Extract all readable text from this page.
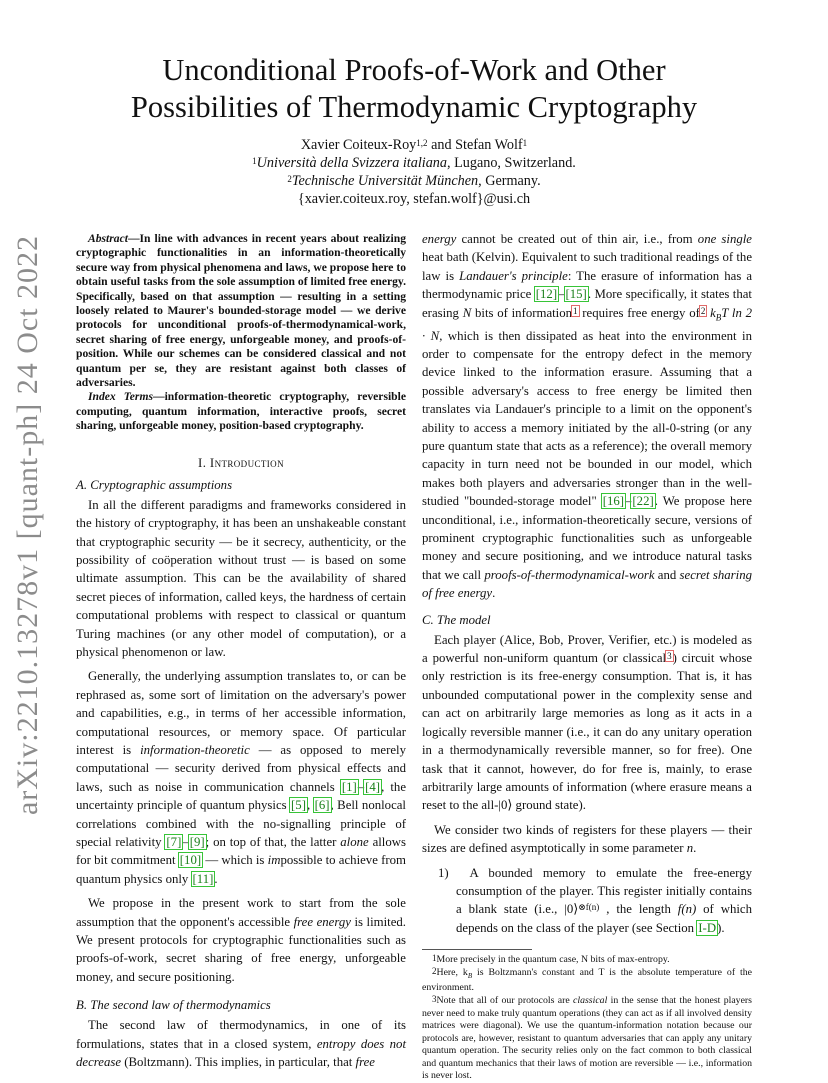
arXiv:2210.13278v1 [quant-ph] 24 Oct 2022
Unconditional Proofs-of-Work and Other
Possibilities of Thermodynamic Cryptography
Xavier Coiteux-Roy$^{1,2}$ and Stefan Wolf$^1$
$^1$Università della Svizzera italiana, Lugano, Switzerland.
$^2$Technische Universität München, Germany.
{xavier.coiteux.roy, stefan.wolf}@usi.ch

Abstract—In line with advances in recent years about realizing cryptographic functionalities in an information-theoretically secure way from physical phenomena and laws, we propose here to obtain useful tasks from the sole assumption of limited free energy. Specifically, based on that assumption — resulting in a setting loosely related to Maurer's bounded-storage model — we derive protocols for unconditional proofs-of-thermodynamical-work, secret sharing of free energy, unforgeable money, and proofs-of-position. While our schemes can be considered classical and not quantum per se, they are resistant against both classes of adversaries.

Index Terms—information-theoretic cryptography, reversible computing, quantum information, interactive proofs, secret sharing, unforgeable money, position-based cryptography.

I. Introduction
A. Cryptographic assumptions

In all the different paradigms and frameworks considered in the history of cryptography, it has been an unshakeable constant that cryptographic security — be it secrecy, authenticity, or the possibility of coöperation without trust — is based on some ultimate assumption. This can be the availability of shared secret pieces of information, called keys, the hardness of certain computational problems with respect to classical or quantum Turing machines (or any other model of computation), or a physical phenomenon or law.

Generally, the underlying assumption translates to, or can be rephrased as, some sort of limitation on the adversary's power and capabilities, e.g., in terms of her accessible information, computational resources, or memory space. Of particular interest is information-theoretic — as opposed to merely computational — security derived from physical effects and laws, such as noise in communication channels [1]–[4], the uncertainty principle of quantum physics [5], [6], Bell nonlocal correlations combined with the no-signalling principle of special relativity [7]–[9]; on top of that, the latter alone allows for bit commitment [10] — which is impossible to achieve from quantum physics only [11].

We propose in the present work to start from the sole assumption that the opponent's accessible free energy is limited. We present protocols for cryptographic functionalities such as proofs-of-work, secret sharing of free energy, unforgeable money, and secure positioning.

B. The second law of thermodynamics

The second law of thermodynamics, in one of its formulations, states that in a closed system, entropy does not decrease (Boltzmann). This implies, in particular, that free

energy cannot be created out of thin air, i.e., from one single heat bath (Kelvin). Equivalent to such traditional readings of the law is Landauer's principle: The erasure of information has a thermodynamic price [12]–[15]. More specifically, it states that erasing N bits of information$^1$ requires free energy of$^2$ $k_BT$ ln 2 · N, which is then dissipated as heat into the environment in order to compensate for the entropy defect in the memory device linked to the information erasure. Assuming that a possible adversary's access to free energy be limited then translates via Landauer's principle to a limit on the opponent's ability to access a memory initiated by the all-0-string (or any pure quantum state that acts as a reference); the overall memory capacity in turn need not be bounded in our model, which makes both players and adversaries stronger than in the well-studied "bounded-storage model" [16]–[22]. We propose here unconditional, i.e., information-theoretically secure, versions of prominent cryptographic functionalities such as unforgeable money and secure positioning, and we introduce natural tasks that we call proofs-of-thermodynamical-work and secret sharing of free energy.

C. The model

Each player (Alice, Bob, Prover, Verifier, etc.) is modeled as a powerful non-uniform quantum (or classical$^3$) circuit whose only restriction is its free-energy consumption. That is, it has unbounded computational power in the complexity sense and can act on arbitrarily large memories as long as it acts in a logically reversible manner (i.e., it can do any unitary operation in a thermodynamically reversible manner, so for free). One task that it cannot, however, do for free is, mainly, to erase arbitrarily large amounts of information (where erasure means a reset to the all-|0⟩ ground state).

We consider two kinds of registers for these players — their sizes are defined asymptotically in some parameter n.

1) A bounded memory to emulate the free-energy consumption of the player. This register initially contains a blank state (i.e., |0⟩$^{\otimes f(n)}$ , the length f(n) of which depends on the class of the player (see Section I-D).

$^1$More precisely in the quantum case, N bits of max-entropy.

$^2$Here, $k_B$ is Boltzmann's constant and T is the absolute temperature of the environment.

$^3$Note that all of our protocols are classical in the sense that the honest players never need to make truly quantum operations (they can act as if all involved density matrices were diagonal). We use the quantum-information notation because our protocols are, however, resistant to quantum adversaries that can apply any unitary quantum operation. The security relies only on the fact common to both classical and quantum mechanics that their laws of motion are reversible — i.e., information is never lost.
